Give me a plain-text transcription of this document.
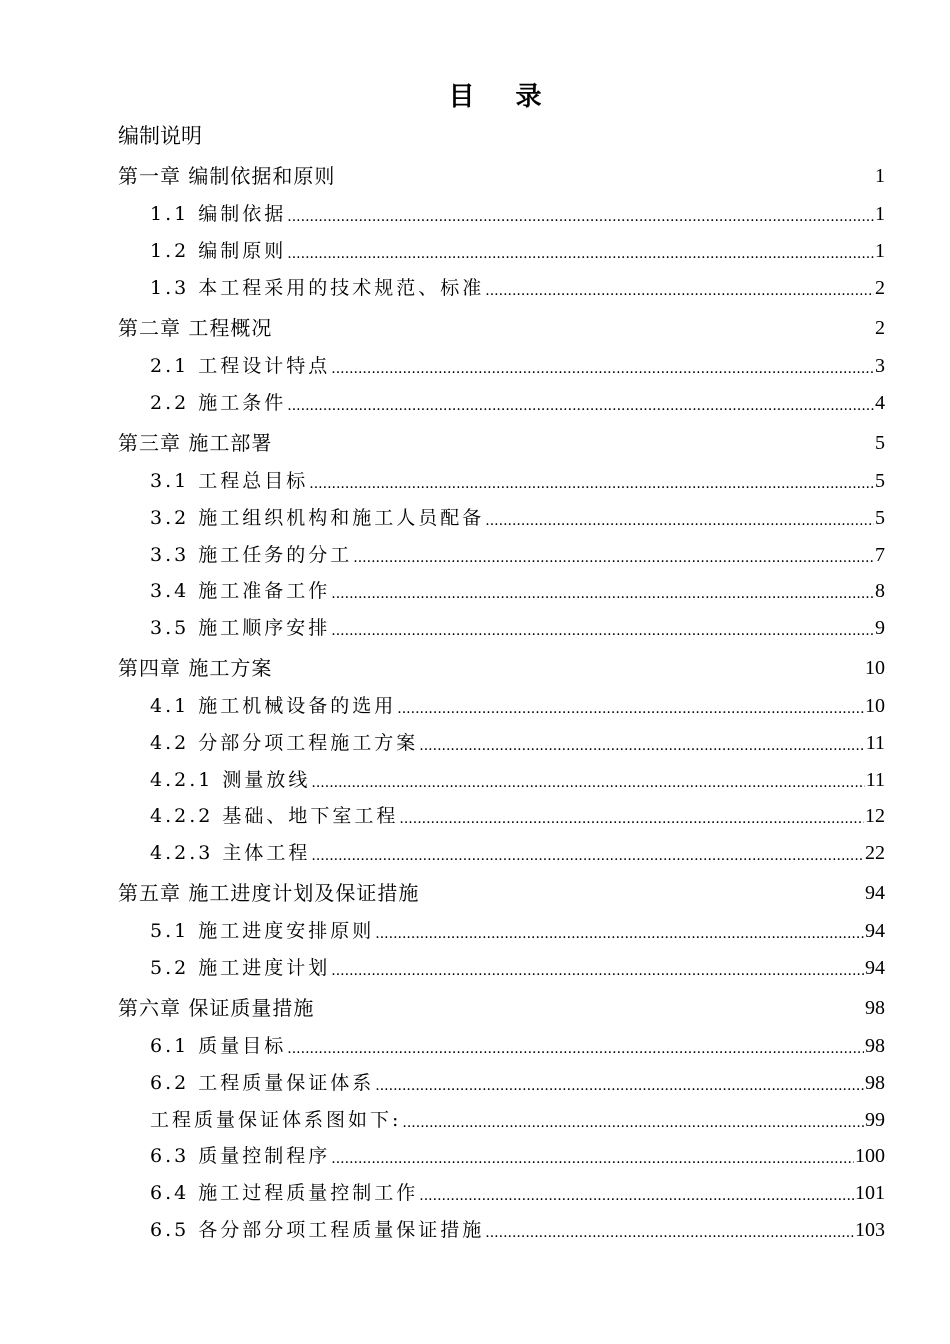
目 录
编制说明
第一章 编制依据和原则	1
1.1 编制依据 .....	1
1.2 编制原则 .....	1
1.3 本工程采用的技术规范、标准 .....	2
第二章 工程概况	2
2.1 工程设计特点 .....	3
2.2 施工条件 .....	4
第三章 施工部署	5
3.1 工程总目标 .....	5
3.2 施工组织机构和施工人员配备 .....	5
3.3 施工任务的分工 .....	7
3.4 施工准备工作 .....	8
3.5 施工顺序安排 .....	9
第四章 施工方案	10
4.1 施工机械设备的选用 .....	10
4.2 分部分项工程施工方案 .....	11
4.2.1 测量放线 .....	11
4.2.2 基础、地下室工程 .....	12
4.2.3 主体工程 .....	22
第五章 施工进度计划及保证措施	94
5.1 施工进度安排原则 .....	94
5.2 施工进度计划 .....	94
第六章 保证质量措施	98
6.1 质量目标 .....	98
6.2 工程质量保证体系 .....	98
工程质量保证体系图如下: .....	99
6.3 质量控制程序 .....	100
6.4 施工过程质量控制工作 .....	101
6.5 各分部分项工程质量保证措施 .....	103
